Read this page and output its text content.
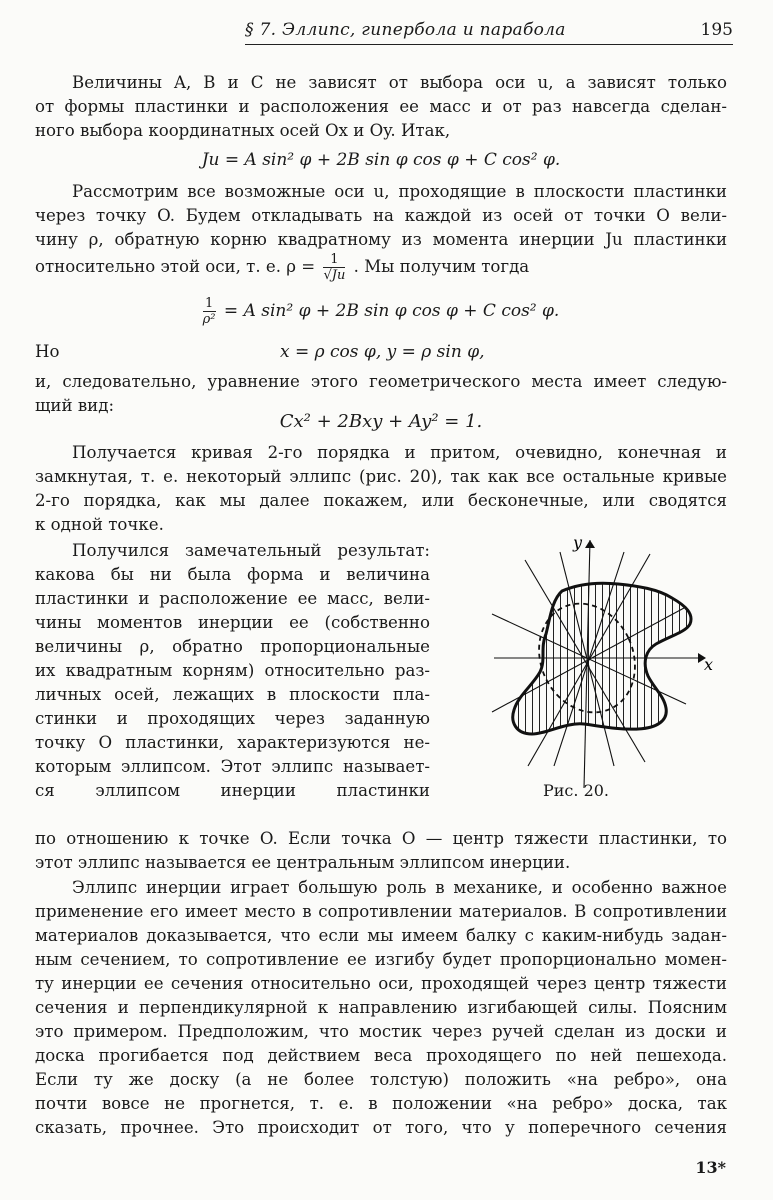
§ 7. Эллипс, гипербола и парабола	195
Величины A, B и C не зависят от выбора оси u, а зависят только
от формы пластинки и расположения ее масс и от раз навсегда сделан-
ного выбора координатных осей Ox и Oy. Итак,
Ju = A sin² φ + 2B sin φ cos φ + C cos² φ.
Рассмотрим все возможные оси u, проходящие в плоскости пластинки
через точку O. Будем откладывать на каждой из осей от точки O вели-
чину ρ, обратную корню квадратному из момента инерции Ju пластинки
относительно этой оси, т. е. $\rho = \frac{1}{√Ju}$ . Мы получим тогда
$\frac{1}{\text{ρ²}} = A$ sin² φ + 2B sin φ cos φ + C cos² φ.
Но	x = ρ cos φ, y = ρ sin φ,
и, следовательно, уравнение этого геометрического места имеет следую-
щий вид:
Cx² + 2Bxy + Ay² = 1.
Получается кривая 2-го порядка и притом, очевидно, конечная и
замкнутая, т. е. некоторый эллипс (рис. 20), так как все остальные кривые
2-го порядка, как мы далее покажем, или бесконечные, или сводятся
к одной точке.
Получился замечательный результат:
какова бы ни была форма и величина
пластинки и расположение ее масс, вели-
чины моментов инерции ее (собственно
величины ρ, обратно пропорциональные
их квадратным корням) относительно раз-
личных осей, лежащих в плоскости пла-
стинки и проходящих через заданную
точку O пластинки, характеризуются не-
которым эллипсом. Этот эллипс называет-
ся эллипсом инерции пластинки
по отношению к точке O. Если точка O — центр тяжести пластинки, то
этот эллипс называется ее центральным эллипсом инерции.
x
y
Рис. 20.
Эллипс инерции играет большую роль в механике, и особенно важное
применение его имеет место в сопротивлении материалов. В сопротивлении
материалов доказывается, что если мы имеем балку с каким-нибудь задан-
ным сечением, то сопротивление ее изгибу будет пропорционально момен-
ту инерции ее сечения относительно оси, проходящей через центр тяжести
сечения и перпендикулярной к направлению изгибающей силы. Поясним
это примером. Предположим, что мостик через ручей сделан из доски и
доска прогибается под действием веса проходящего по ней пешехода.
Если ту же доску (а не более толстую) положить «на ребро», она
почти вовсе не прогнется, т. е. в положении «на ребро» доска, так
сказать, прочнее. Это происходит от того, что у поперечного сечения
13*
